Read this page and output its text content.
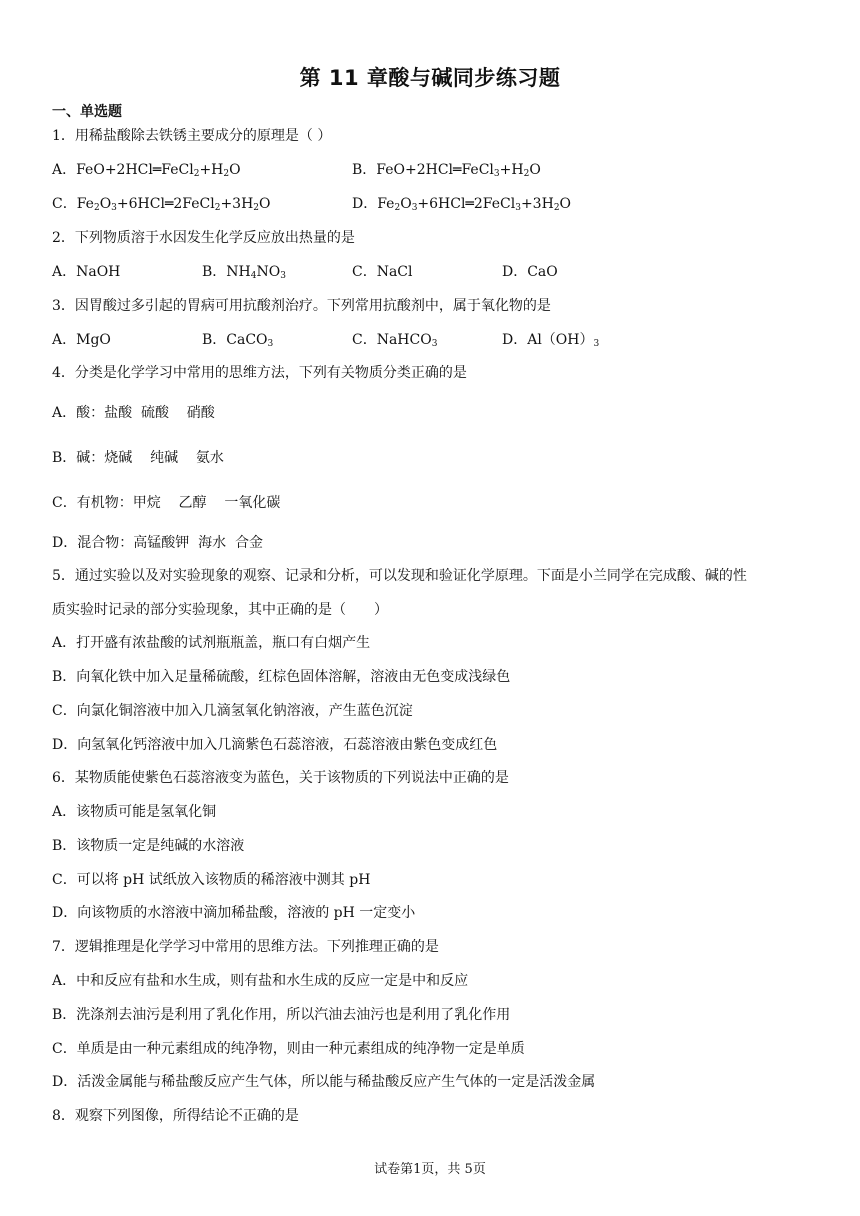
第 11 章酸与碱同步练习题
一、单选题
1．用稀盐酸除去铁锈主要成分的原理是（ ）
A．$FeO+2HCl═FeCl_2+H_2O$	B．$FeO+2HCl═FeCl_3+H_2O$
C．$Fe_2O_3+6HCl═2FeCl_2+3H_2O$	D．$Fe_2O_3+6HCl═2FeCl_3+3H_2O$
2．下列物质溶于水因发生化学反应放出热量的是
A．NaOH	B．$NH_4NO_3$	C．NaCl	D．CaO
3．因胃酸过多引起的胃病可用抗酸剂治疗。下列常用抗酸剂中，属于氧化物的是
A．MgO	B．CaCO$_3$	C．NaHCO$_3$	D．$Al(OH)_3$
4．分类是化学学习中常用的思维方法，下列有关物质分类正确的是
A．酸：盐酸  硫酸    硝酸
B．碱：烧碱    纯碱    氨水
C．有机物：甲烷    乙醇    一氧化碳
D．混合物：高锰酸钾  海水  合金
5．通过实验以及对实验现象的观察、记录和分析，可以发现和验证化学原理。下面是小兰同学在完成酸、碱的性
质实验时记录的部分实验现象，其中正确的是（　　）
A．打开盛有浓盐酸的试剂瓶瓶盖，瓶口有白烟产生
B．向氧化铁中加入足量稀硫酸，红棕色固体溶解，溶液由无色变成浅绿色
C．向氯化铜溶液中加入几滴氢氧化钠溶液，产生蓝色沉淀
D．向氢氧化钙溶液中加入几滴紫色石蕊溶液，石蕊溶液由紫色变成红色
6．某物质能使紫色石蕊溶液变为蓝色，关于该物质的下列说法中正确的是
A．该物质可能是氢氧化铜
B．该物质一定是纯碱的水溶液
C．可以将 pH 试纸放入该物质的稀溶液中测其 pH
D．向该物质的水溶液中滴加稀盐酸，溶液的 pH 一定变小
7．逻辑推理是化学学习中常用的思维方法。下列推理正确的是
A．中和反应有盐和水生成，则有盐和水生成的反应一定是中和反应
B．洗涤剂去油污是利用了乳化作用，所以汽油去油污也是利用了乳化作用
C．单质是由一种元素组成的纯净物，则由一种元素组成的纯净物一定是单质
D．活泼金属能与稀盐酸反应产生气体，所以能与稀盐酸反应产生气体的一定是活泼金属
8．观察下列图像，所得结论不正确的是
试卷第1页，共 5页
